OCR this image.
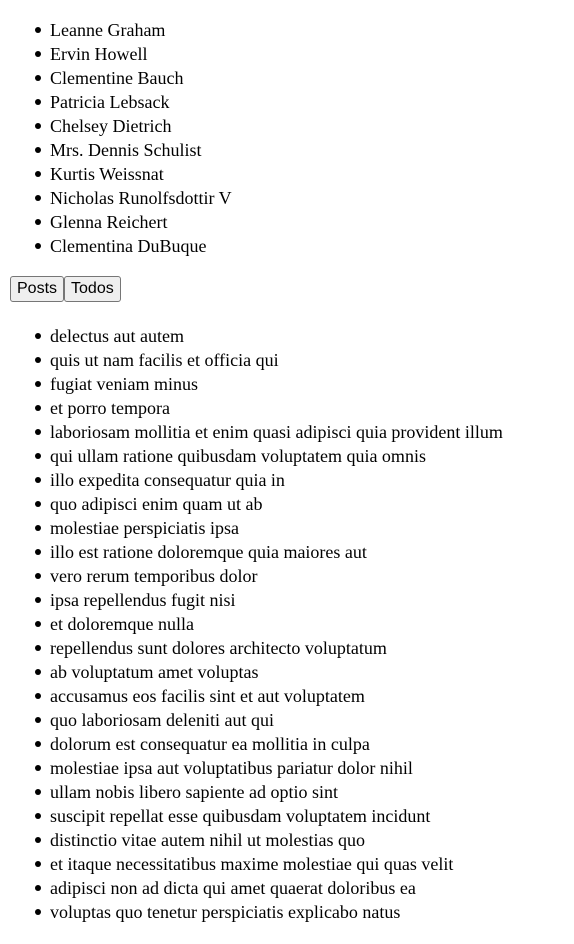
Leanne Graham
Ervin Howell
Clementine Bauch
Patricia Lebsack
Chelsey Dietrich
Mrs. Dennis Schulist
Kurtis Weissnat
Nicholas Runolfsdottir V
Glenna Reichert
Clementina DuBuque
Posts Todos
delectus aut autem
quis ut nam facilis et officia qui
fugiat veniam minus
et porro tempora
laboriosam mollitia et enim quasi adipisci quia provident illum
qui ullam ratione quibusdam voluptatem quia omnis
illo expedita consequatur quia in
quo adipisci enim quam ut ab
molestiae perspiciatis ipsa
illo est ratione doloremque quia maiores aut
vero rerum temporibus dolor
ipsa repellendus fugit nisi
et doloremque nulla
repellendus sunt dolores architecto voluptatum
ab voluptatum amet voluptas
accusamus eos facilis sint et aut voluptatem
quo laboriosam deleniti aut qui
dolorum est consequatur ea mollitia in culpa
molestiae ipsa aut voluptatibus pariatur dolor nihil
ullam nobis libero sapiente ad optio sint
suscipit repellat esse quibusdam voluptatem incidunt
distinctio vitae autem nihil ut molestias quo
et itaque necessitatibus maxime molestiae qui quas velit
adipisci non ad dicta qui amet quaerat doloribus ea
voluptas quo tenetur perspiciatis explicabo natus
